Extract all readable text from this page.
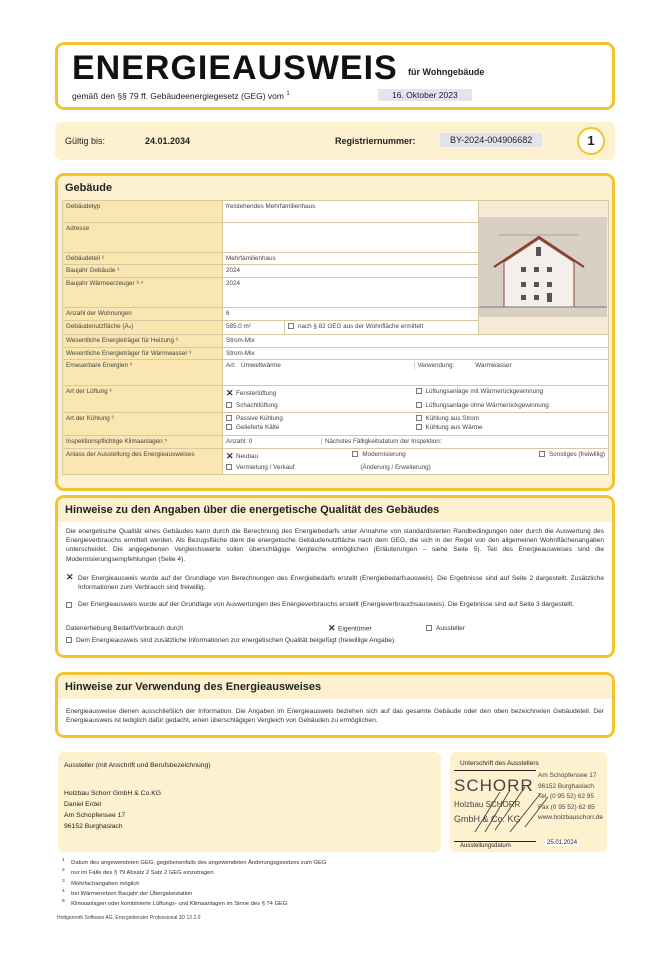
ENERGIEAUSWEIS für Wohngebäude
gemäß den §§ 79 ff. Gebäudeenergiegesetz (GEG) vom $^1$	16. Oktober 2023
Gültig bis:	24.01.2034	Registriernummer:	BY-2024-004906682	1
Gebäude
Gebäudetyp	freistehendes Mehrfamilienhaus	
Adresse			
Gebäudeteil ²	Mehrfamilienhaus		
Baujahr Gebäude ³	2024		
Baujahr Wärmeerzeuger ³·⁴	2024		
Anzahl der Wohnungen	6		
Gebäudenutzfläche (Aₙ)	585.0 m²	nach § 82 GEG aus der Wohnfläche ermittelt	
Wesentliche Energieträger für Heizung ³	Strom-Mix		
Wesentliche Energieträger für Warmwasser ³	Strom-Mix		
Erneuerbare Energien ³	Art: Umweltwärme Verwendung: Warmwasser		

Art der Lüftung ³	✕ Fensterlüftung Lüftungsanlage mit Wärmerückgewinnung
Schachtlüftung Lüftungsanlage ohne Wärmerückgewinnung		

Art der Kühlung ³	Passive Kühlung Kühlung aus Strom
Gelieferte Kälte Kühlung aus Wärme		

Inspektionspflichtige Klimaanlagen ⁵	Anzahl: 0 Nächstes Fälligkeitsdatum der Inspektion:		

Anlass der Ausstellung des Energieausweises	✕ Neubau Modernisierung Sonstiges (freiwillig)
Vermietung / Verkauf (Änderung / Erweiterung)		
Hinweise zu den Angaben über die energetische Qualität des Gebäudes
Die energetische Qualität eines Gebäudes kann durch die Berechnung des Energiebedarfs unter Annahme von standardisierten Randbedingungen oder durch die Auswertung des Energieverbrauchs ermittelt werden. Als Bezugsfläche dient die energetische Gebäudenutzfläche nach dem GEG, die sich in der Regel von den allgemeinen Wohnflächenangaben unterscheidet. Die angegebenen Vergleichswerte sollen überschlägige Vergleiche ermöglichen (Erläuterungen – siehe Seite 5). Teil des Energieausweises sind die Modernisierungsempfehlungen (Seite 4).
✕ Der Energieausweis wurde auf der Grundlage von Berechnungen des Energiebedarfs erstellt (Energiebedarfsausweis). Die Ergebnisse sind auf Seite 2 dargestellt. Zusätzliche Informationen zum Verbrauch sind freiwillig.
Der Energieausweis wurde auf der Grundlage von Auswertungen des Energieverbrauchs erstellt (Energieverbrauchsausweis). Die Ergebnisse sind auf Seite 3 dargestellt.
Datenerhebung Bedarf/Verbrauch durch	✕ Eigentümer	Aussteller
Dem Energieausweis sind zusätzliche Informationen zur energetischen Qualität beigefügt (freiwillige Angabe).
Hinweise zur Verwendung des Energieausweises
Energieausweise dienen ausschließlich der Information. Die Angaben im Energieausweis beziehen sich auf das gesamte Gebäude oder den oben bezeichneten Gebäudeteil. Der Energieausweis ist lediglich dafür gedacht, einen überschlägigen Vergleich von Gebäuden zu ermöglichen.
Aussteller (mit Anschrift und Berufsbezeichnung)
Holzbau Schorr GmbH & Co.KG
Daniel Erdel
Am Schopfensee 17
96152 Burghaslach
Unterschrift des Ausstellers
SCHORR
Holzbau SCHORR
GmbH & Co. KG
Am Schopfensee 17
96152 Burghaslach
Tel. (0 95 52) 62 95
Fax (0 95 52) 62 85
www.holzbauschorr.de
Ausstellungsdatum	25.01.2024
$^1$ Datum des angewendeten GEG, gegebenenfalls des angewendeten Änderungsgesetzes zum GEG
$^2$ nur im Falle des § 79 Absatz 2 Satz 2 GEG einzutragen
$^3$ Mehrfachangaben möglich
$^4$ bei Wärmenetzen Baujahr der Übergabestation
$^5$ Klimaanlagen oder kombinierte Lüftungs- und Klimaanlagen im Sinne des § 74 GEG
Hottgenroth Software AG, Energieberater Professional 3D 12.2.0
